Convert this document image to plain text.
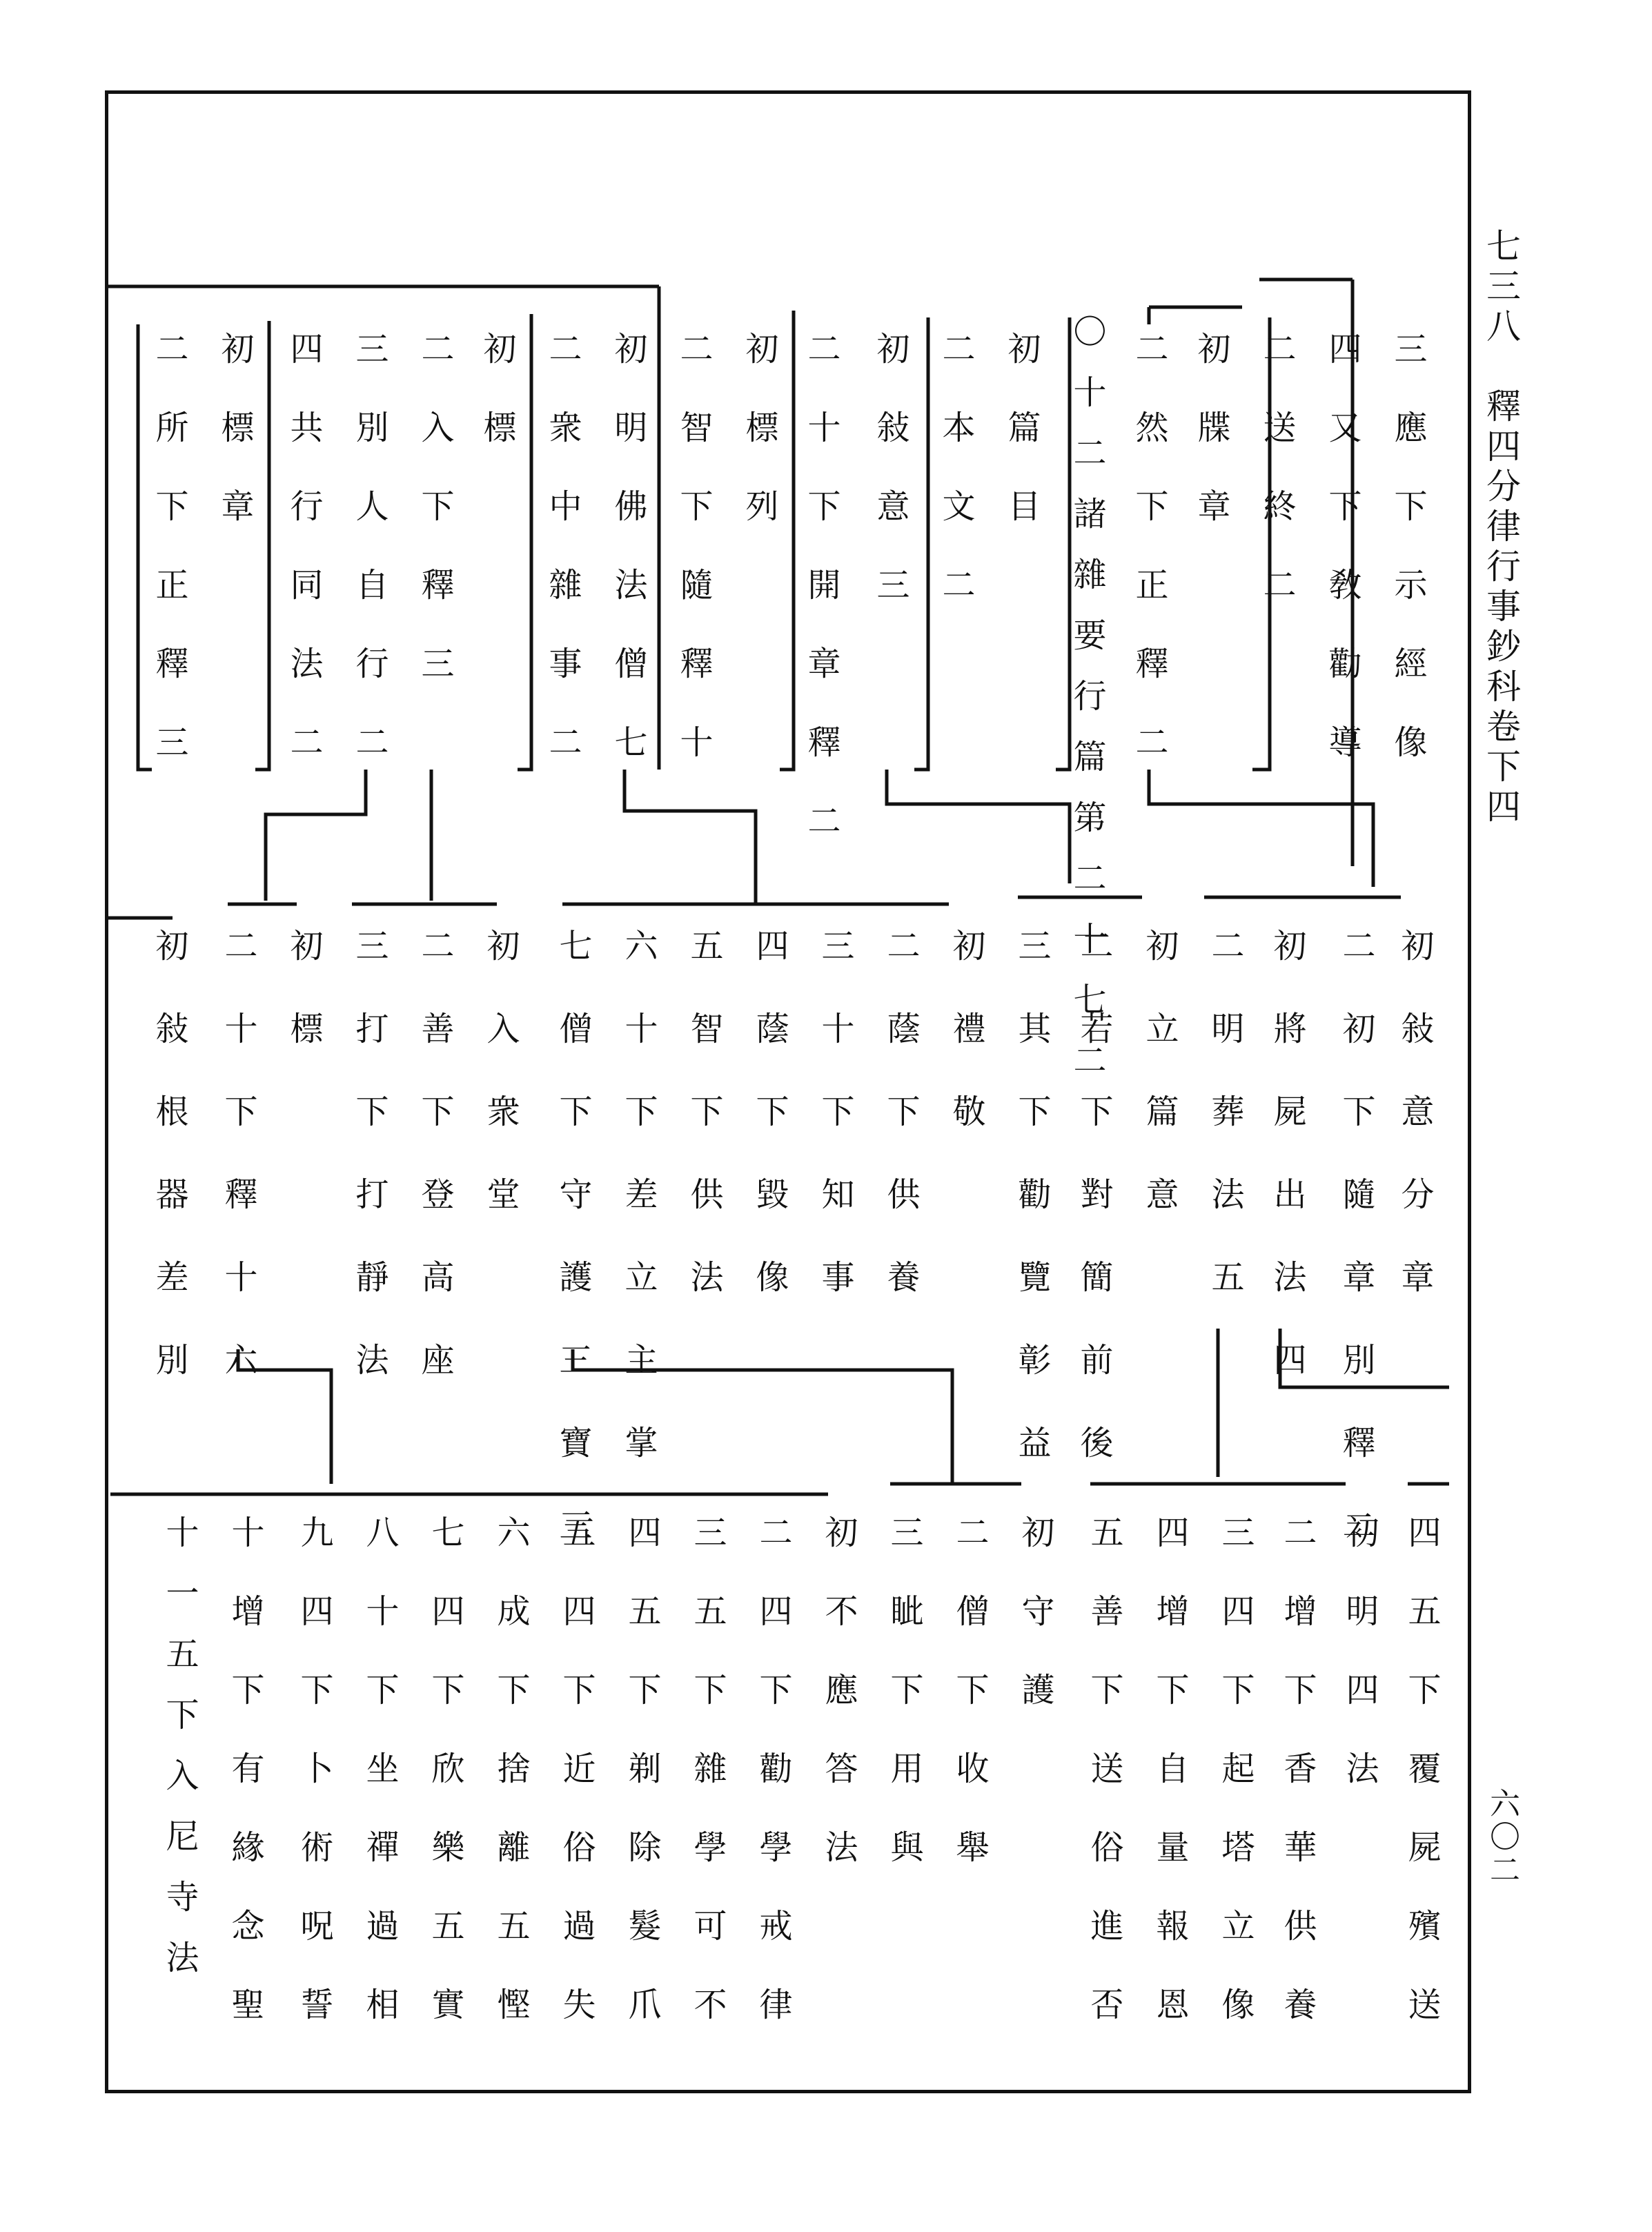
七三八　釋四分律行事鈔科卷下四
六〇二
三應下示經像
四又下敎勸導
二送終二
初牒章
二然下正釋二
〇十二諸雜要行篇第二十七二
初篇目
二本文二
初敍意三
二十下開章釋二
初標列
二智下隨釋十
初明佛法僧七
二衆中雜事二
初標
二入下釋三
三別人自行二
四共行同法二
初標章
二所下正釋三
初敍意分章
二初下隨章別釋二
初將屍出法四
二明葬法五
初立篇意
二若下對簡前後
三其下勸覽彰益
初禮敬
二蔭下供養
三十下知事
四蔭下毀像
五智下供法
六十下差立主掌
七僧下守護三寶三
初入衆堂
二善下登高座
三打下打靜法
初標
二十下釋十六
初敍根器差別
四五下覆屍殯送
初明四法
二增下香華供養
三四下起塔立像
四增下自量報恩
五善下送俗進否
初守護
二僧下收舉
三眦下用與
初不應答法
二四下勸學戒律
三五下雜學可不
四五下剃除髮爪
五四下近俗過失
六成下捨離五慳
七四下欣樂五實
八十下坐禪過相
九四下卜術呪誓
十增下有緣念聖
十一五下入尼寺法
